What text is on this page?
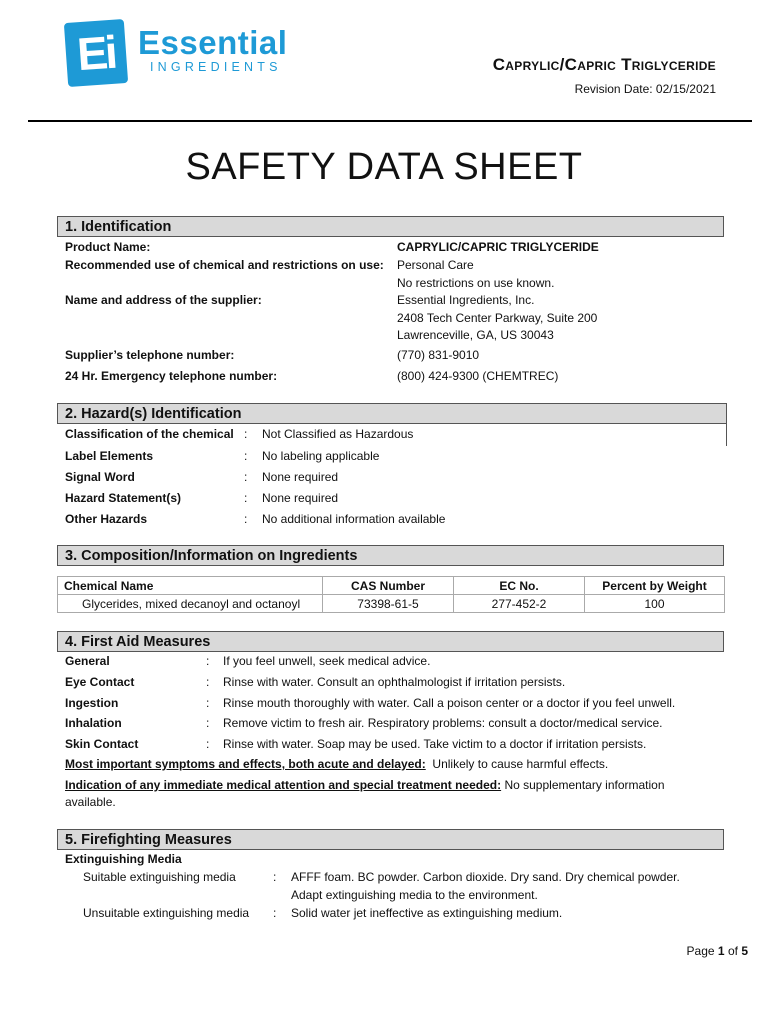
Ei Essential
INGREDIENTS	Caprylic/Capric Triglyceride
Revision Date: 02/15/2021
SAFETY DATA SHEET
1. Identification
Product Name:	CAPRYLIC/CAPRIC TRIGLYCERIDE
Recommended use of chemical and restrictions on use: Personal Care
No restrictions on use known.
Name and address of the supplier:	Essential Ingredients, Inc.
2408 Tech Center Parkway, Suite 200
Lawrenceville, GA, US 30043
Supplier’s telephone number:	(770) 831-9010
24 Hr. Emergency telephone number:	(800) 424-9300 (CHEMTREC)
2. Hazard(s) Identification
Classification of the chemical : Not Classified as Hazardous
Label Elements	: No labeling applicable
Signal Word	: None required
Hazard Statement(s)	: None required
Other Hazards	: No additional information available
3. Composition/Information on Ingredients
Chemical Name	CAS Number	EC No.	Percent by Weight
Glycerides, mixed decanoyl and octanoyl	73398-61-5	277-452-2	100
4. First Aid Measures
General	: If you feel unwell, seek medical advice.
Eye Contact	: Rinse with water. Consult an ophthalmologist if irritation persists.
Ingestion	: Rinse mouth thoroughly with water. Call a poison center or a doctor if you feel unwell.
Inhalation	: Remove victim to fresh air. Respiratory problems: consult a doctor/medical service.
Skin Contact	: Rinse with water. Soap may be used. Take victim to a doctor if irritation persists.
Most important symptoms and effects, both acute and delayed: Unlikely to cause harmful effects.
Indication of any immediate medical attention and special treatment needed: No supplementary information
available.
5. Firefighting Measures
Extinguishing Media
Suitable extinguishing media	: AFFF foam. BC powder. Carbon dioxide. Dry sand. Dry chemical powder.
Adapt extinguishing media to the environment.
Unsuitable extinguishing media : Solid water jet ineffective as extinguishing medium.
Page 1 of 5
